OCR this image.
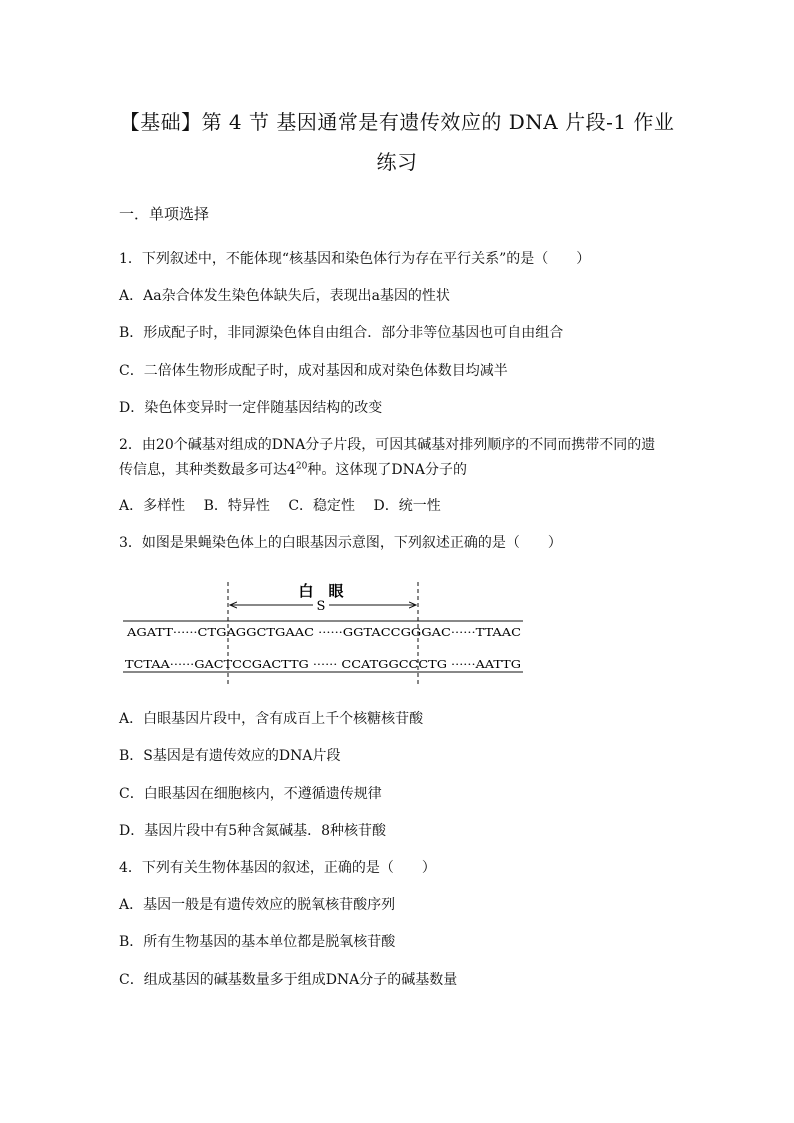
【基础】第 4 节 基因通常是有遗传效应的 DNA 片段-1 作业
练习
一．单项选择
1．下列叙述中，不能体现“核基因和染色体行为存在平行关系”的是（　　）
A．Aa杂合体发生染色体缺失后，表现出a基因的性状
B．形成配子时，非同源染色体自由组合．部分非等位基因也可自由组合
C．二倍体生物形成配子时，成对基因和成对染色体数目均减半
D．染色体变异时一定伴随基因结构的改变
2．由20个碱基对组成的DNA分子片段，可因其碱基对排列顺序的不同而携带不同的遗
传信息，其种类数最多可达$4^{20}$种。这体现了DNA分子的
A．多样性 B．特异性 C．稳定性 D．统一性
3．如图是果蝇染色体上的白眼基因示意图，下列叙述正确的是（　　）
白　眼
S
AGATT······CTGAGGCTGAAC ······GGTACCGGGAC······TTAAC
TCTAA······GACTCCGACTTG ······ CCATGGCCCTG ······AATTG
A．白眼基因片段中，含有成百上千个核糖核苷酸
B．S基因是有遗传效应的DNA片段
C．白眼基因在细胞核内，不遵循遗传规律
D．基因片段中有5种含氮碱基．8种核苷酸
4．下列有关生物体基因的叙述，正确的是（　　）
A．基因一般是有遗传效应的脱氧核苷酸序列
B．所有生物基因的基本单位都是脱氧核苷酸
C．组成基因的碱基数量多于组成DNA分子的碱基数量
